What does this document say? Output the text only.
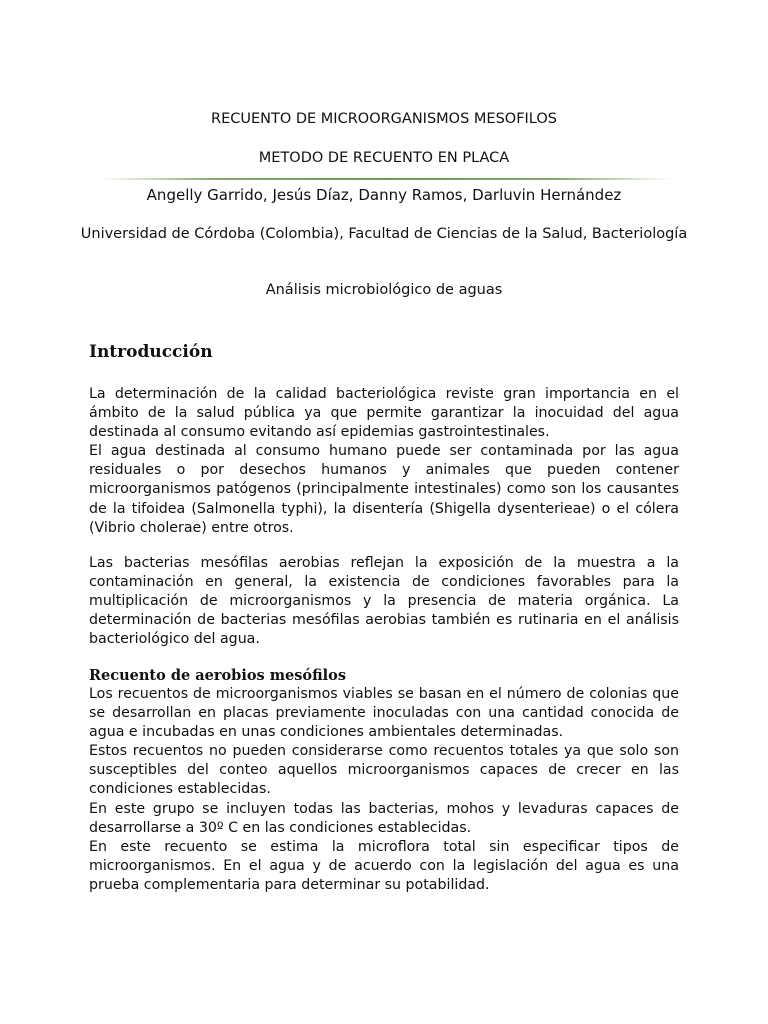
RECUENTO DE MICROORGANISMOS MESOFILOS
METODO DE RECUENTO EN PLACA
Angelly Garrido, Jesús Díaz, Danny Ramos, Darluvin Hernández
Universidad de Córdoba (Colombia), Facultad de Ciencias de la Salud, Bacteriología
Análisis microbiológico de aguas
Introducción

La determinación de la calidad bacteriológica reviste gran importancia en el ámbito de la salud pública ya que permite garantizar la inocuidad del agua destinada al consumo evitando así epidemias gastrointestinales.

El agua destinada al consumo humano puede ser contaminada por las agua residuales o por desechos humanos y animales que pueden contener microorganismos patógenos (principalmente intestinales) como son los causantes de la tifoidea (Salmonella typhi), la disentería (Shigella dysenterieae) o el cólera (Vibrio cholerae) entre otros.

Las bacterias mesófilas aerobias reflejan la exposición de la muestra a la contaminación en general, la existencia de condiciones favorables para la multiplicación de microorganismos y la presencia de materia orgánica. La determinación de bacterias mesófilas aerobias también es rutinaria en el análisis bacteriológico del agua.

Recuento de aerobios mesófilos

Los recuentos de microorganismos viables se basan en el número de colonias que se desarrollan en placas previamente inoculadas con una cantidad conocida de agua e incubadas en unas condiciones ambientales determinadas.

Estos recuentos no pueden considerarse como recuentos totales ya que solo son susceptibles del conteo aquellos microorganismos capaces de crecer en las condiciones establecidas.

En este grupo se incluyen todas las bacterias, mohos y levaduras capaces de desarrollarse a 30º C en las condiciones establecidas.

En este recuento se estima la microflora total sin especificar tipos de microorganismos. En el agua y de acuerdo con la legislación del agua es una prueba complementaria para determinar su potabilidad.
